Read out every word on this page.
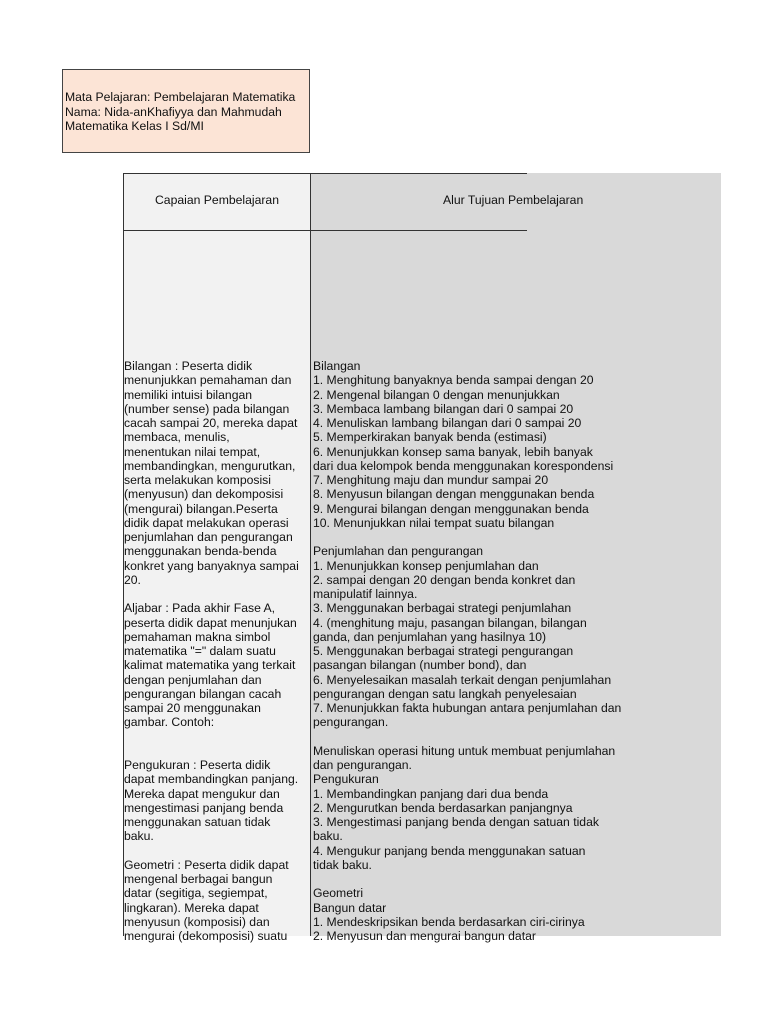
Mata Pelajaran: Pembelajaran Matematika
Nama: Nida-anKhafiyya dan Mahmudah
Matematika Kelas I Sd/MI
Capaian Pembelajaran	Alur Tujuan Pembelajaran
Bilangan : Peserta didik
menunjukkan pemahaman dan
memiliki intuisi bilangan
(number sense) pada bilangan
cacah sampai 20, mereka dapat
membaca, menulis,
menentukan nilai tempat,
membandingkan, mengurutkan,
serta melakukan komposisi
(menyusun) dan dekomposisi
(mengurai) bilangan.Peserta
didik dapat melakukan operasi
penjumlahan dan pengurangan
menggunakan benda-benda
konkret yang banyaknya sampai
20.
Aljabar : Pada akhir Fase A,
peserta didik dapat menunjukan
pemahaman makna simbol
matematika "=" dalam suatu
kalimat matematika yang terkait
dengan penjumlahan dan
pengurangan bilangan cacah
sampai 20 menggunakan
gambar. Contoh:
Pengukuran : Peserta didik
dapat membandingkan panjang.
Mereka dapat mengukur dan
mengestimasi panjang benda
menggunakan satuan tidak
baku.
Geometri : Peserta didik dapat
mengenal berbagai bangun
datar (segitiga, segiempat,
lingkaran). Mereka dapat
menyusun (komposisi) dan
mengurai (dekomposisi) suatu
Bilangan
1. Menghitung banyaknya benda sampai dengan 20
2. Mengenal bilangan 0 dengan menunjukkan
3. Membaca lambang bilangan dari 0 sampai 20
4. Menuliskan lambang bilangan dari 0 sampai 20
5. Memperkirakan banyak benda (estimasi)
6. Menunjukkan konsep sama banyak, lebih banyak
dari dua kelompok benda menggunakan korespondensi
7. Menghitung maju dan mundur sampai 20
8. Menyusun bilangan dengan menggunakan benda
9. Mengurai bilangan dengan menggunakan benda
10. Menunjukkan nilai tempat suatu bilangan
Penjumlahan dan pengurangan
1. Menunjukkan konsep penjumlahan dan
2. sampai dengan 20 dengan benda konkret dan
manipulatif lainnya.
3. Menggunakan berbagai strategi penjumlahan
4. (menghitung maju, pasangan bilangan, bilangan
ganda, dan penjumlahan yang hasilnya 10)
5. Menggunakan berbagai strategi pengurangan
pasangan bilangan (number bond), dan
6. Menyelesaikan masalah terkait dengan penjumlahan
pengurangan dengan satu langkah penyelesaian
7. Menunjukkan fakta hubungan antara penjumlahan dan
pengurangan.
Menuliskan operasi hitung untuk membuat penjumlahan
dan pengurangan.
Pengukuran
1. Membandingkan panjang dari dua benda
2. Mengurutkan benda berdasarkan panjangnya
3. Mengestimasi panjang benda dengan satuan tidak
baku.
4. Mengukur panjang benda menggunakan satuan
tidak baku.
Geometri
Bangun datar
1. Mendeskripsikan benda berdasarkan ciri-cirinya
2. Menyusun dan mengurai bangun datar
